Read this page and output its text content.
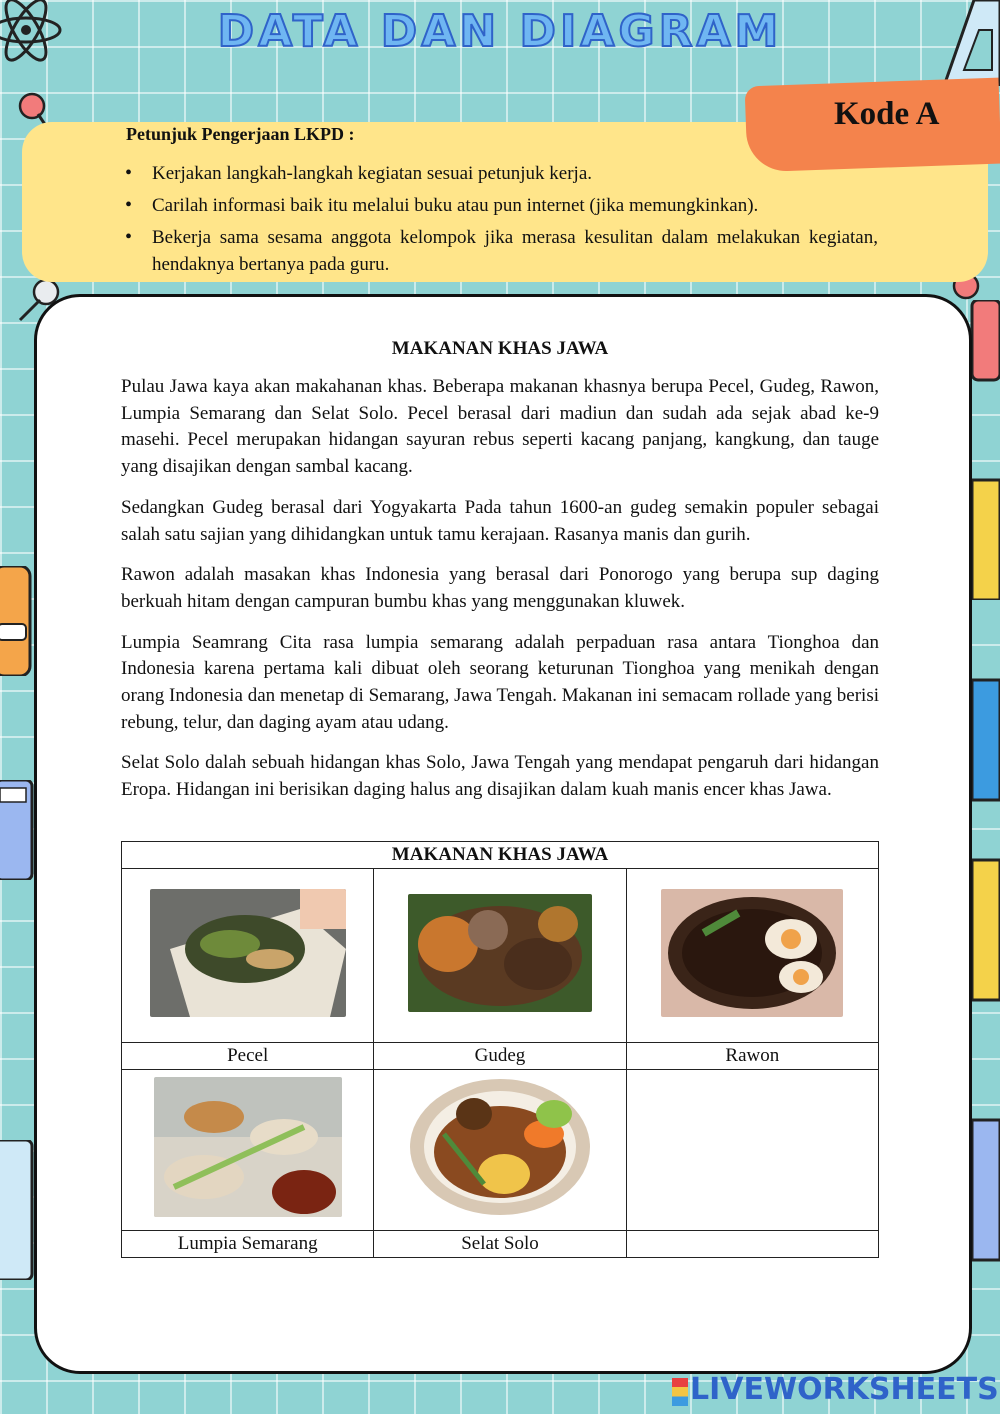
DATA DAN DIAGRAM
Petunjuk Pengerjaan LKPD :
• Kerjakan langkah-langkah kegiatan sesuai petunjuk kerja.
• Carilah informasi baik itu melalui buku atau pun internet (jika memungkinkan).
• Bekerja sama sesama anggota kelompok jika merasa kesulitan dalam melakukan kegiatan, hendaknya bertanya pada guru.
Kode A
MAKANAN KHAS JAWA

Pulau Jawa kaya akan makahanan khas. Beberapa makanan khasnya berupa Pecel, Gudeg, Rawon, Lumpia Semarang dan Selat Solo. Pecel berasal dari madiun dan sudah ada sejak abad ke-9 masehi. Pecel merupakan hidangan sayuran rebus seperti kacang panjang, kangkung, dan tauge yang disajikan dengan sambal kacang.

Sedangkan Gudeg berasal dari Yogyakarta Pada tahun 1600-an gudeg semakin populer sebagai salah satu sajian yang dihidangkan untuk tamu kerajaan. Rasanya manis dan gurih.

Rawon adalah masakan khas Indonesia yang berasal dari Ponorogo yang berupa sup daging berkuah hitam dengan campuran bumbu khas yang menggunakan kluwek.

Lumpia Seamrang Cita rasa lumpia semarang adalah perpaduan rasa antara Tionghoa dan Indonesia karena pertama kali dibuat oleh seorang keturunan Tionghoa yang menikah dengan orang Indonesia dan menetap di Semarang, Jawa Tengah. Makanan ini semacam rollade yang berisi rebung, telur, dan daging ayam atau udang.

Selat Solo dalah sebuah hidangan khas Solo, Jawa Tengah yang mendapat pengaruh dari hidangan Eropa. Hidangan ini berisikan daging halus ang disajikan dalam kuah manis encer khas Jawa.

MAKANAN KHAS JAWA		

Pecel	Gudeg	Rawon

Lumpia Semarang	Selat Solo	
LIVEWORKSHEETS
